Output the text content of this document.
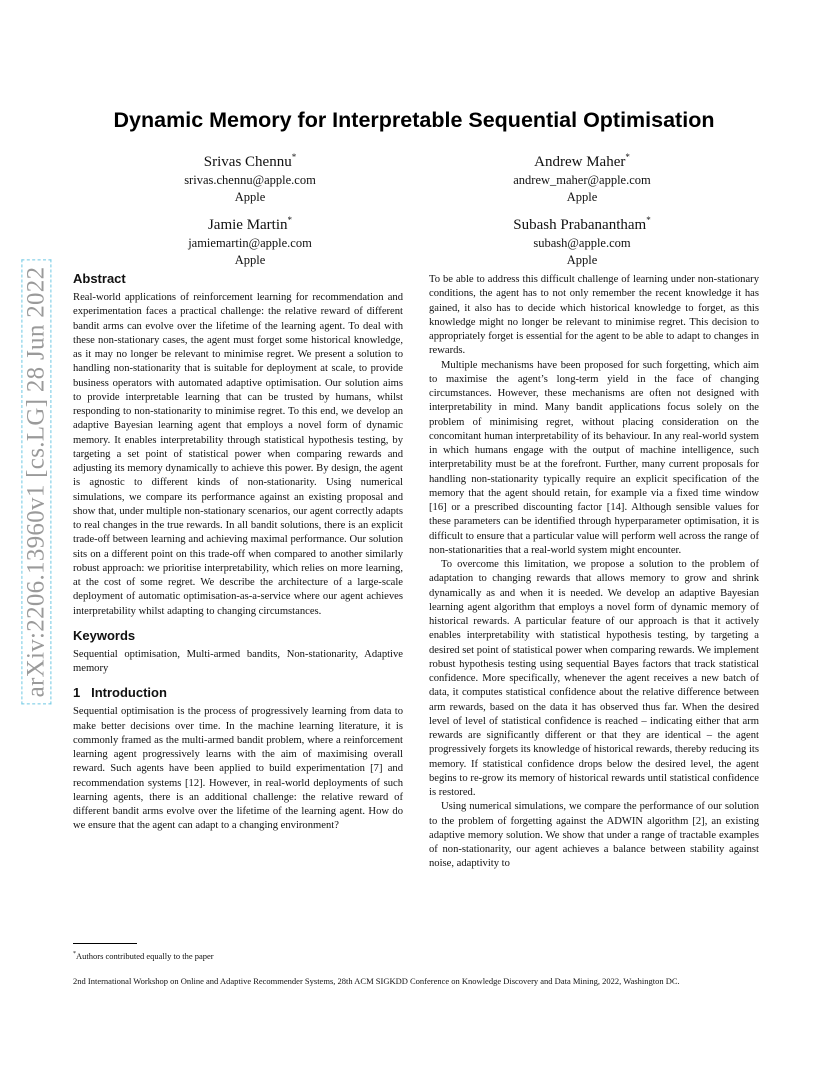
arXiv:2206.13960v1 [cs.LG] 28 Jun 2022
Dynamic Memory for Interpretable Sequential Optimisation
Srivas Chennu*
srivas.chennu@apple.com
Apple
Andrew Maher*
andrew_maher@apple.com
Apple
Jamie Martin*
jamiemartin@apple.com
Apple
Subash Prabanantham*
subash@apple.com
Apple
Abstract

Real-world applications of reinforcement learning for recommendation and experimentation faces a practical challenge: the relative reward of different bandit arms can evolve over the lifetime of the learning agent. To deal with these non-stationary cases, the agent must forget some historical knowledge, as it may no longer be relevant to minimise regret. We present a solution to handling non-stationarity that is suitable for deployment at scale, to provide business operators with automated adaptive optimisation. Our solution aims to provide interpretable learning that can be trusted by humans, whilst responding to non-stationarity to minimise regret. To this end, we develop an adaptive Bayesian learning agent that employs a novel form of dynamic memory. It enables interpretability through statistical hypothesis testing, by targeting a set point of statistical power when comparing rewards and adjusting its memory dynamically to achieve this power. By design, the agent is agnostic to different kinds of non-stationarity. Using numerical simulations, we compare its performance against an existing proposal and show that, under multiple non-stationary scenarios, our agent correctly adapts to real changes in the true rewards. In all bandit solutions, there is an explicit trade-off between learning and achieving maximal performance. Our solution sits on a different point on this trade-off when compared to another similarly robust approach: we prioritise interpretability, which relies on more learning, at the cost of some regret. We describe the architecture of a large-scale deployment of automatic optimisation-as-a-service where our agent achieves interpretability whilst adapting to changing circumstances.

Keywords

Sequential optimisation, Multi-armed bandits, Non-stationarity, Adaptive memory

1 Introduction

Sequential optimisation is the process of progressively learning from data to make better decisions over time. In the machine learning literature, it is commonly framed as the multi-armed bandit problem, where a reinforcement learning agent progressively learns with the aim of maximising overall reward. Such agents have been applied to build experimentation [7] and recommendation systems [12]. However, in real-world deployments of such learning agents, there is an additional challenge: the relative reward of different bandit arms evolve over the lifetime of the learning agent. How do we ensure that the agent can adapt to a changing environment?

To be able to address this difficult challenge of learning under non-stationary conditions, the agent has to not only remember the recent knowledge it has gained, it also has to decide which historical knowledge to forget, as this knowledge might no longer be relevant to minimise regret. This decision to appropriately forget is essential for the agent to be able to adapt to changes in rewards.

Multiple mechanisms have been proposed for such forgetting, which aim to maximise the agent’s long-term yield in the face of changing circumstances. However, these mechanisms are often not designed with interpretability in mind. Many bandit applications focus solely on the problem of minimising regret, without placing consideration on the concomitant human interpretability of its behaviour. In any real-world system in which humans engage with the output of machine intelligence, such interpretability must be at the forefront. Further, many current proposals for handling non-stationarity typically require an explicit specification of the memory that the agent should retain, for example via a fixed time window [16] or a prescribed discounting factor [14]. Although sensible values for these parameters can be identified through hyperparameter optimisation, it is difficult to ensure that a particular value will perform well across the range of non-stationarities that a real-world system might encounter.

To overcome this limitation, we propose a solution to the problem of adaptation to changing rewards that allows memory to grow and shrink dynamically as and when it is needed. We develop an adaptive Bayesian learning agent algorithm that employs a novel form of dynamic memory of historical rewards. A particular feature of our approach is that it actively enables interpretability with statistical hypothesis testing, by targeting a desired set point of statistical power when comparing rewards. We implement robust hypothesis testing using sequential Bayes factors that track statistical confidence. More specifically, whenever the agent receives a new batch of data, it computes statistical confidence about the relative difference between arm rewards, based on the data it has observed thus far. When the desired level of level of statistical confidence is reached – indicating either that arm rewards are significantly different or that they are identical – the agent progressively forgets its knowledge of historical rewards, thereby reducing its memory. If statistical confidence drops below the desired level, the agent begins to re-grow its memory of historical rewards until statistical confidence is restored.

Using numerical simulations, we compare the performance of our solution to the problem of forgetting against the ADWIN algorithm [2], an existing adaptive memory solution. We show that under a range of tractable examples of non-stationarity, our agent achieves a balance between stability against noise, adaptivity to

*Authors contributed equally to the paper
2nd International Workshop on Online and Adaptive Recommender Systems, 28th ACM SIGKDD Conference on Knowledge Discovery and Data Mining, 2022, Washington DC.
